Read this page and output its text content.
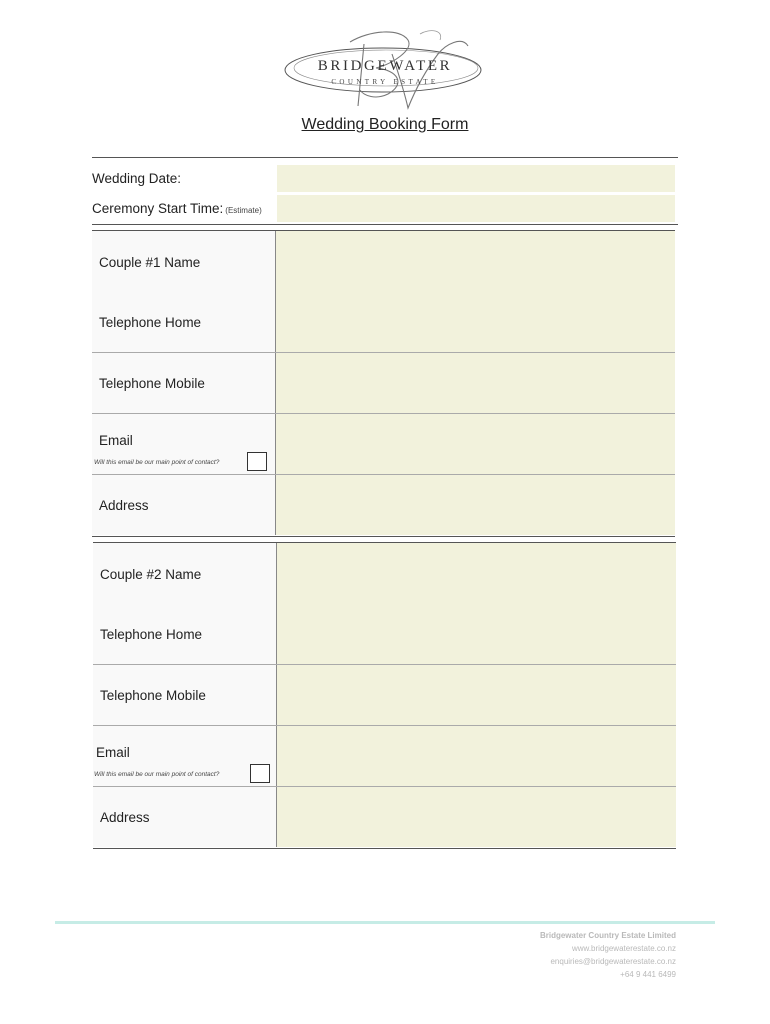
BRIDGEWATER
COUNTRY ESTATE
Wedding Booking Form
Wedding Date:
Ceremony Start Time: (Estimate)
Couple #1 Name
Telephone Home
Telephone Mobile
Email
Will this email be our main point of contact?
Address
Couple #2 Name
Telephone Home
Telephone Mobile
Email
Will this email be our main point of contact?
Address
Bridgewater Country Estate Limited
www.bridgewaterestate.co.nz
enquiries@bridgewaterestate.co.nz
+64 9 441 6499
